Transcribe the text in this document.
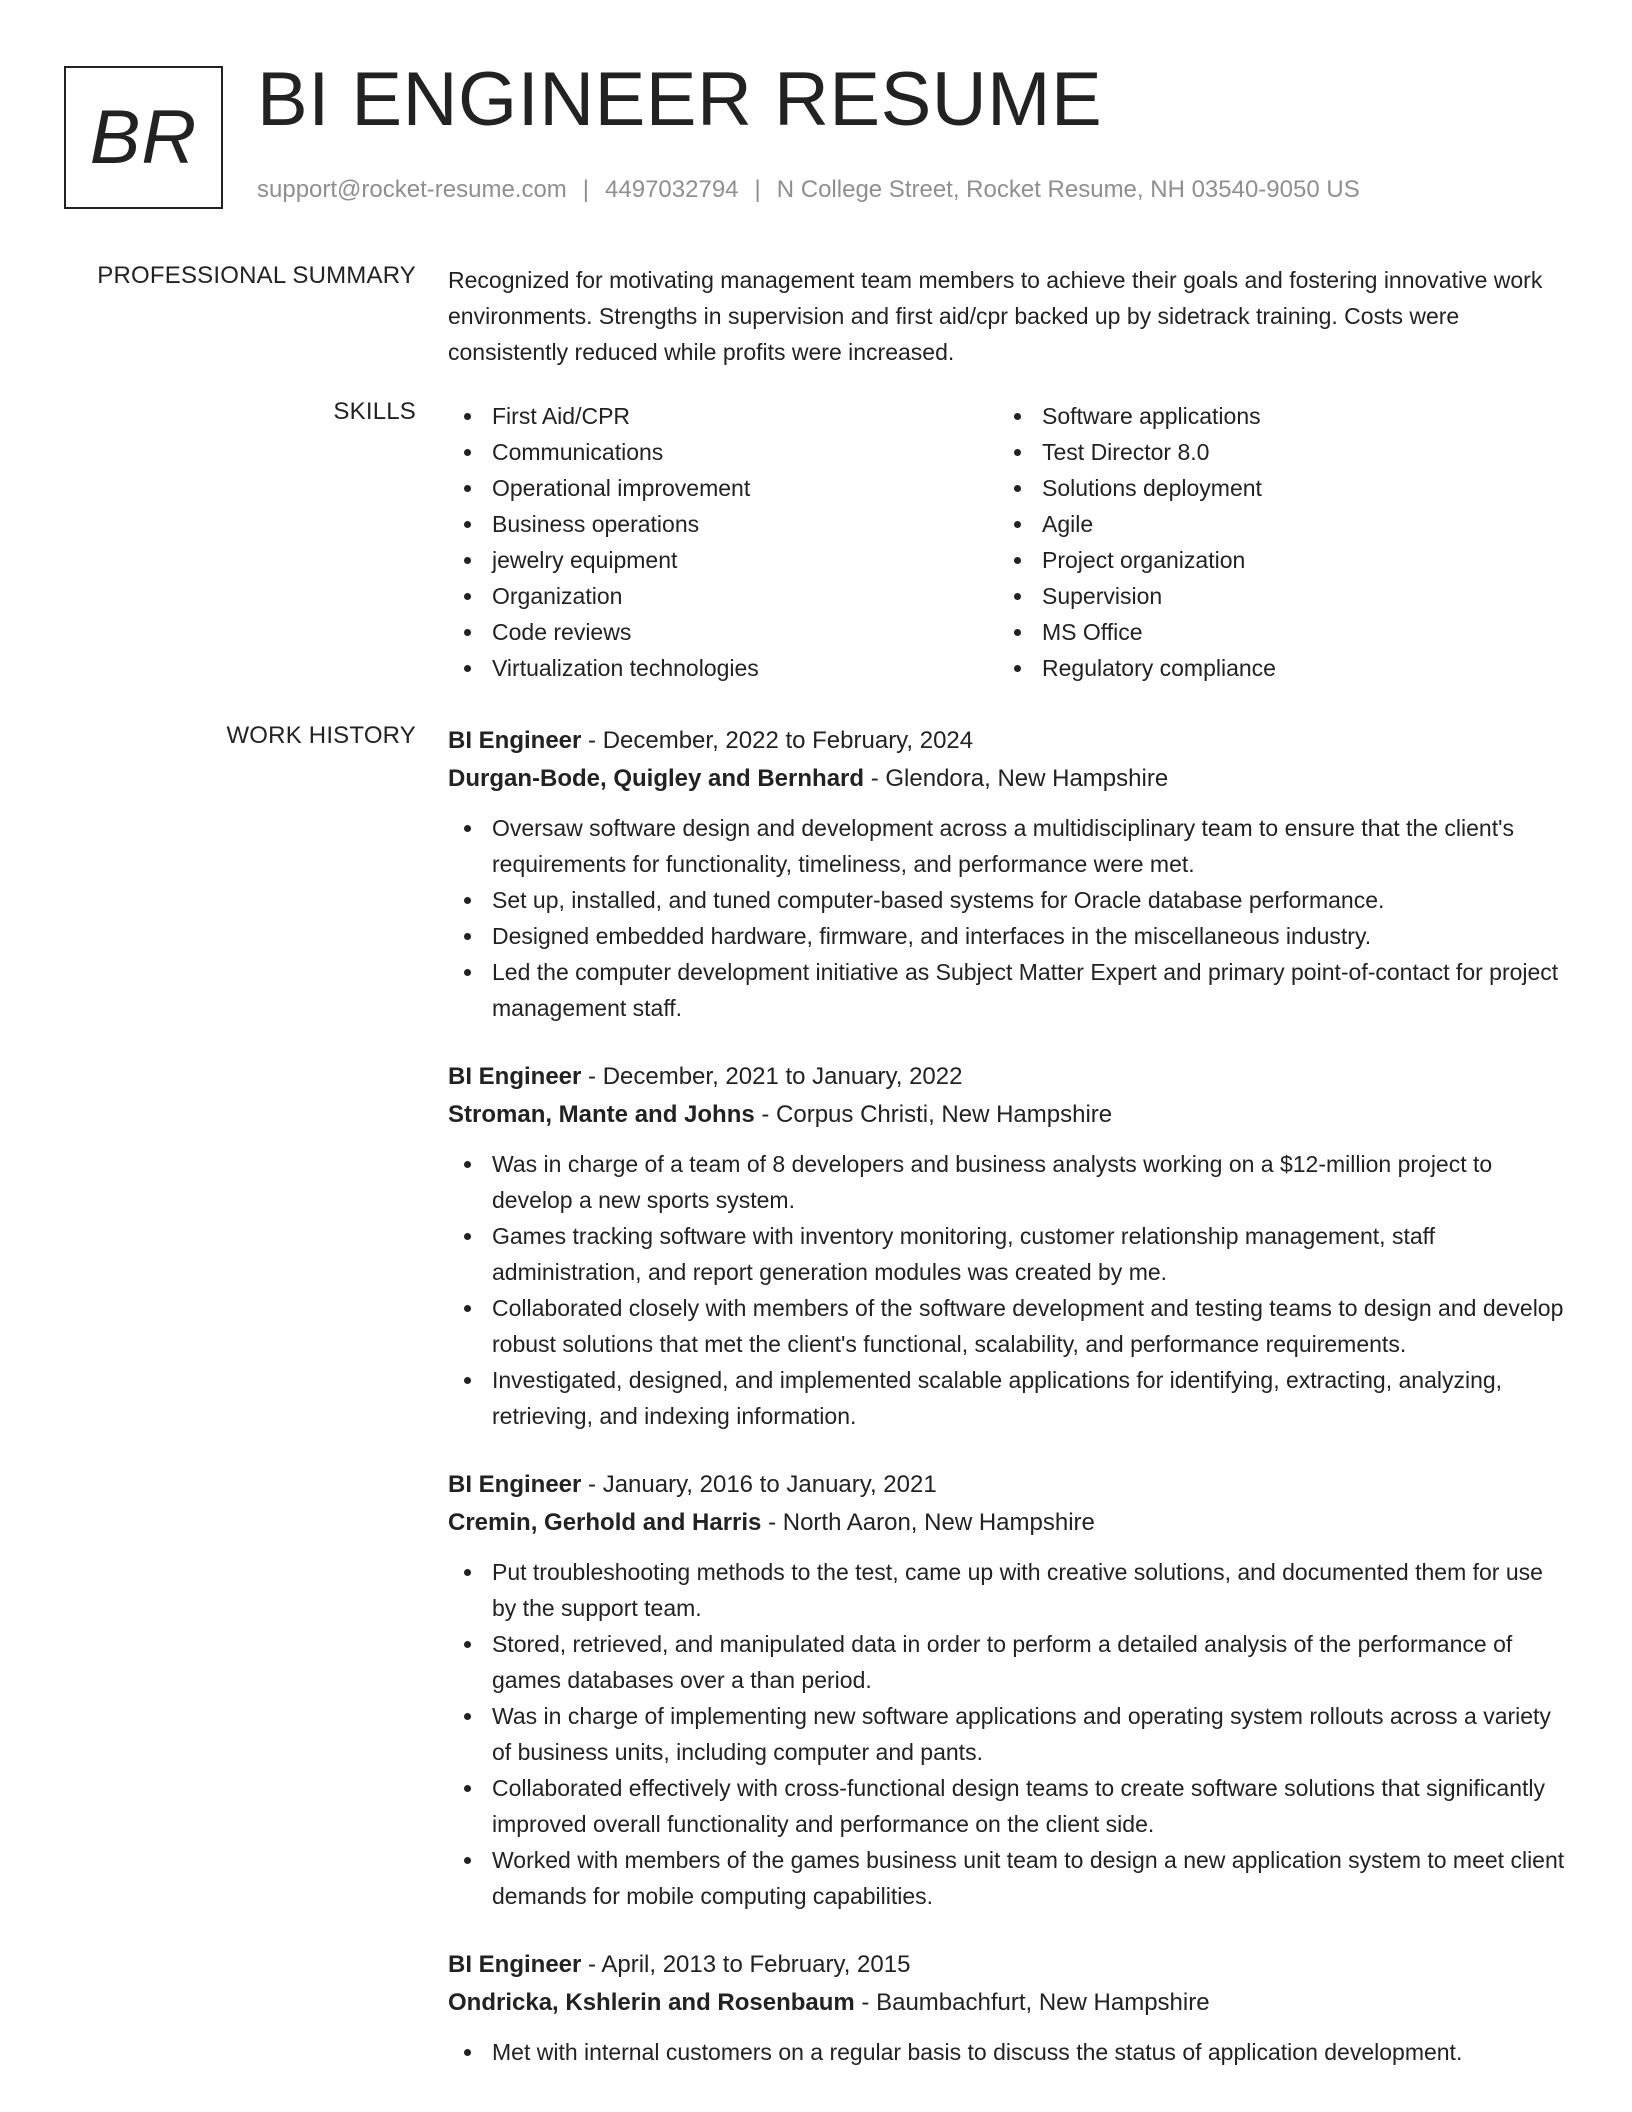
BR BI ENGINEER RESUME
support@rocket-resume.com | 4497032794 | N College Street, Rocket Resume, NH 03540-9050 US
PROFESSIONAL SUMMARY Recognized for motivating management team members to achieve their goals and fostering innovative work environments. Strengths in supervision and first aid/cpr backed up by sidetrack training. Costs were consistently reduced while profits were increased.
SKILLS	First Aid/CPR
Communications
Operational improvement
Business operations
jewelry equipment
Organization
Code reviews
Virtualization technologies
Software applications
Test Director 8.0
Solutions deployment
Agile
Project organization
Supervision
MS Office
Regulatory compliance
WORK HISTORY BI Engineer - December, 2022 to February, 2024
Durgan-Bode, Quigley and Bernhard - Glendora, New Hampshire
Oversaw software design and development across a multidisciplinary team to ensure that the client's requirements for functionality, timeliness, and performance were met.
Set up, installed, and tuned computer-based systems for Oracle database performance.
Designed embedded hardware, firmware, and interfaces in the miscellaneous industry.
Led the computer development initiative as Subject Matter Expert and primary point-of-contact for project management staff.
BI Engineer - December, 2021 to January, 2022
Stroman, Mante and Johns - Corpus Christi, New Hampshire
Was in charge of a team of 8 developers and business analysts working on a $12-million project to develop a new sports system.
Games tracking software with inventory monitoring, customer relationship management, staff administration, and report generation modules was created by me.
Collaborated closely with members of the software development and testing teams to design and develop robust solutions that met the client's functional, scalability, and performance requirements.
Investigated, designed, and implemented scalable applications for identifying, extracting, analyzing, retrieving, and indexing information.
BI Engineer - January, 2016 to January, 2021
Cremin, Gerhold and Harris - North Aaron, New Hampshire
Put troubleshooting methods to the test, came up with creative solutions, and documented them for use by the support team.
Stored, retrieved, and manipulated data in order to perform a detailed analysis of the performance of games databases over a than period.
Was in charge of implementing new software applications and operating system rollouts across a variety of business units, including computer and pants.
Collaborated effectively with cross-functional design teams to create software solutions that significantly improved overall functionality and performance on the client side.
Worked with members of the games business unit team to design a new application system to meet client demands for mobile computing capabilities.
BI Engineer - April, 2013 to February, 2015
Ondricka, Kshlerin and Rosenbaum - Baumbachfurt, New Hampshire
Met with internal customers on a regular basis to discuss the status of application development.
